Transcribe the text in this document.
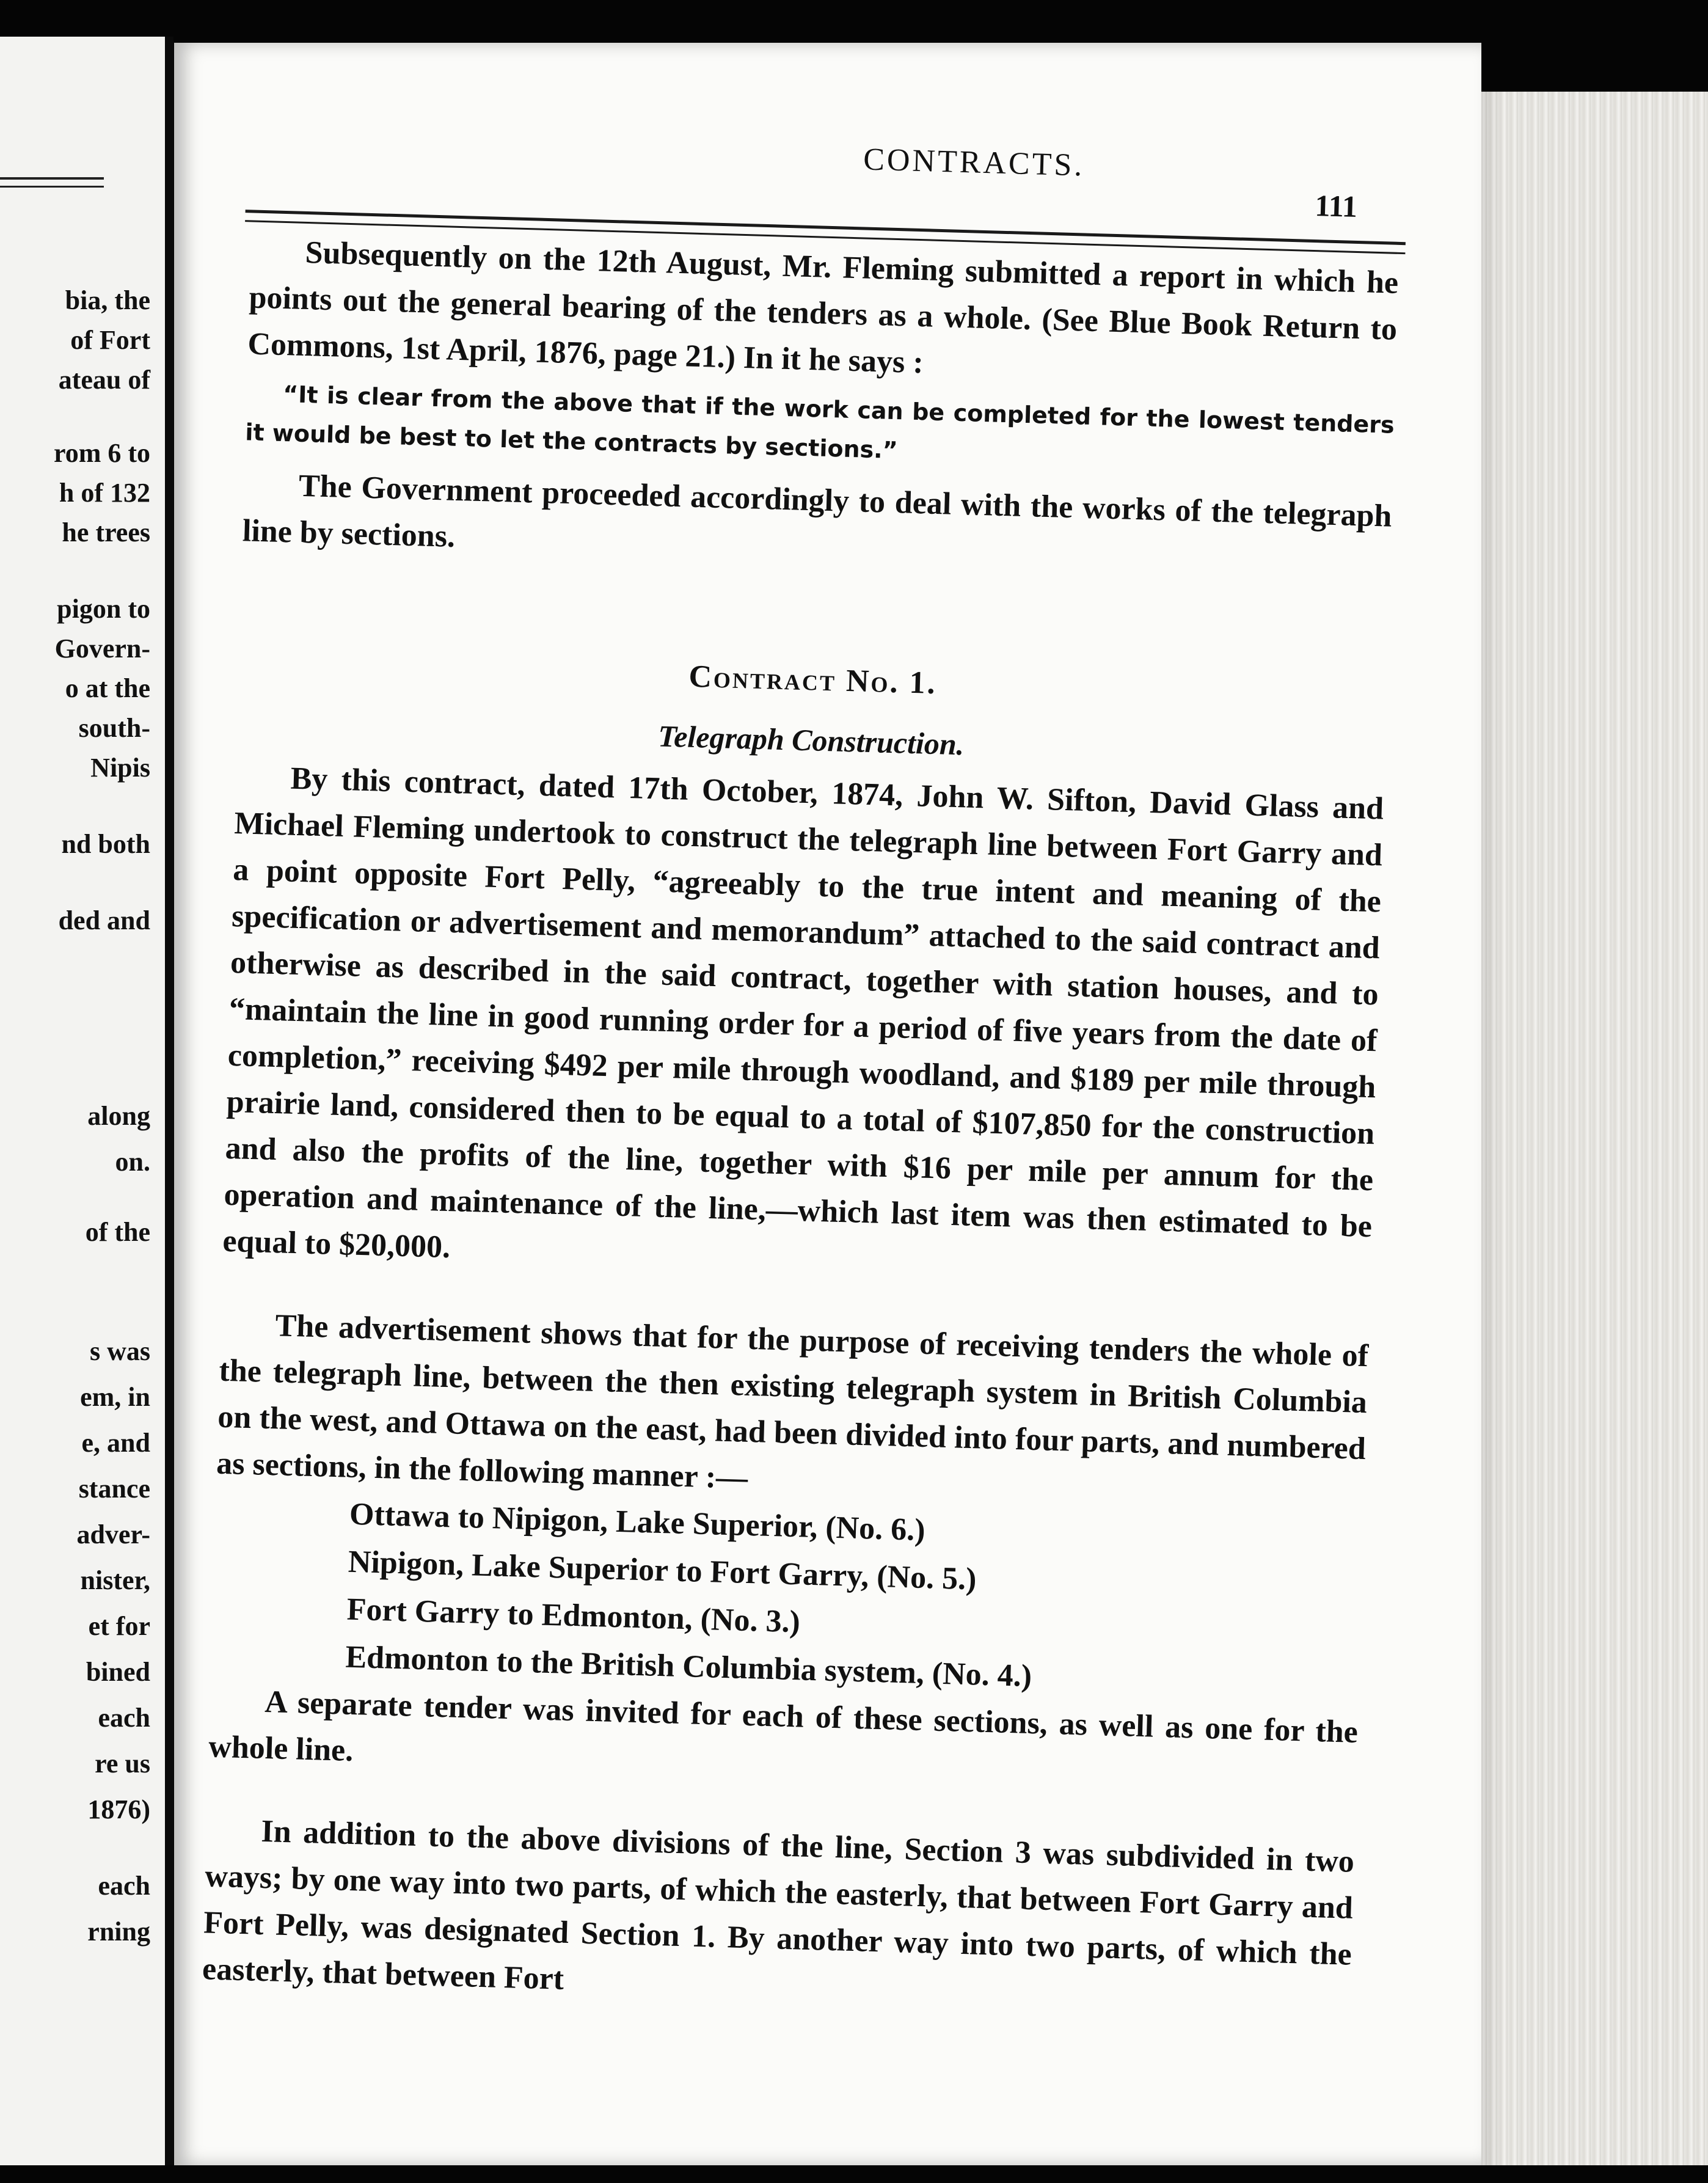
bia, the
of Fort
ateau of
rom 6 to
h of 132
he trees
pigon to
Govern-
o at the
south-
Nipis
nd both
ded and
along
on.
of the
s was
em, in
e, and
stance
adver-
nister,
et for
bined
each
re us
1876)
each
rning
CONTRACTS.
111

Subsequently on the 12th August, Mr. Fleming submitted a report in which he points out the general bearing of the tenders as a whole. (See Blue Book Return to Commons, 1st April, 1876, page 21.) In it he says :

“It is clear from the above that if the work can be completed for the lowest tenders it would be best to let the contracts by sections.”

The Government proceeded accordingly to deal with the works of the telegraph line by sections.

Contract No. 1.
Telegraph Construction.

By this contract, dated 17th October, 1874, John W. Sifton, David Glass and Michael Fleming undertook to construct the telegraph line between Fort Garry and a point opposite Fort Pelly, “agreeably to the true intent and meaning of the specification or advertisement and memorandum” attached to the said contract and otherwise as described in the said contract, together with station houses, and to “maintain the line in good running order for a period of five years from the date of completion,” receiving $492 per mile through woodland, and $189 per mile through prairie land, considered then to be equal to a total of $107,850 for the construction and also the profits of the line, together with $16 per mile per annum for the operation and maintenance of the line,—which last item was then estimated to be equal to $20,000.

The advertisement shows that for the purpose of receiving tenders the whole of the telegraph line, between the then existing telegraph system in British Columbia on the west, and Ottawa on the east, had been divided into four parts, and numbered as sections, in the following manner :—

Ottawa to Nipigon, Lake Superior, (No. 6.)
Nipigon, Lake Superior to Fort Garry, (No. 5.)
Fort Garry to Edmonton, (No. 3.)
Edmonton to the British Columbia system, (No. 4.)

A separate tender was invited for each of these sections, as well as one for the whole line.

In addition to the above divisions of the line, Section 3 was subdivided in two ways; by one way into two parts, of which the easterly, that between Fort Garry and Fort Pelly, was designated Section 1. By another way into two parts, of which the easterly, that between Fort
